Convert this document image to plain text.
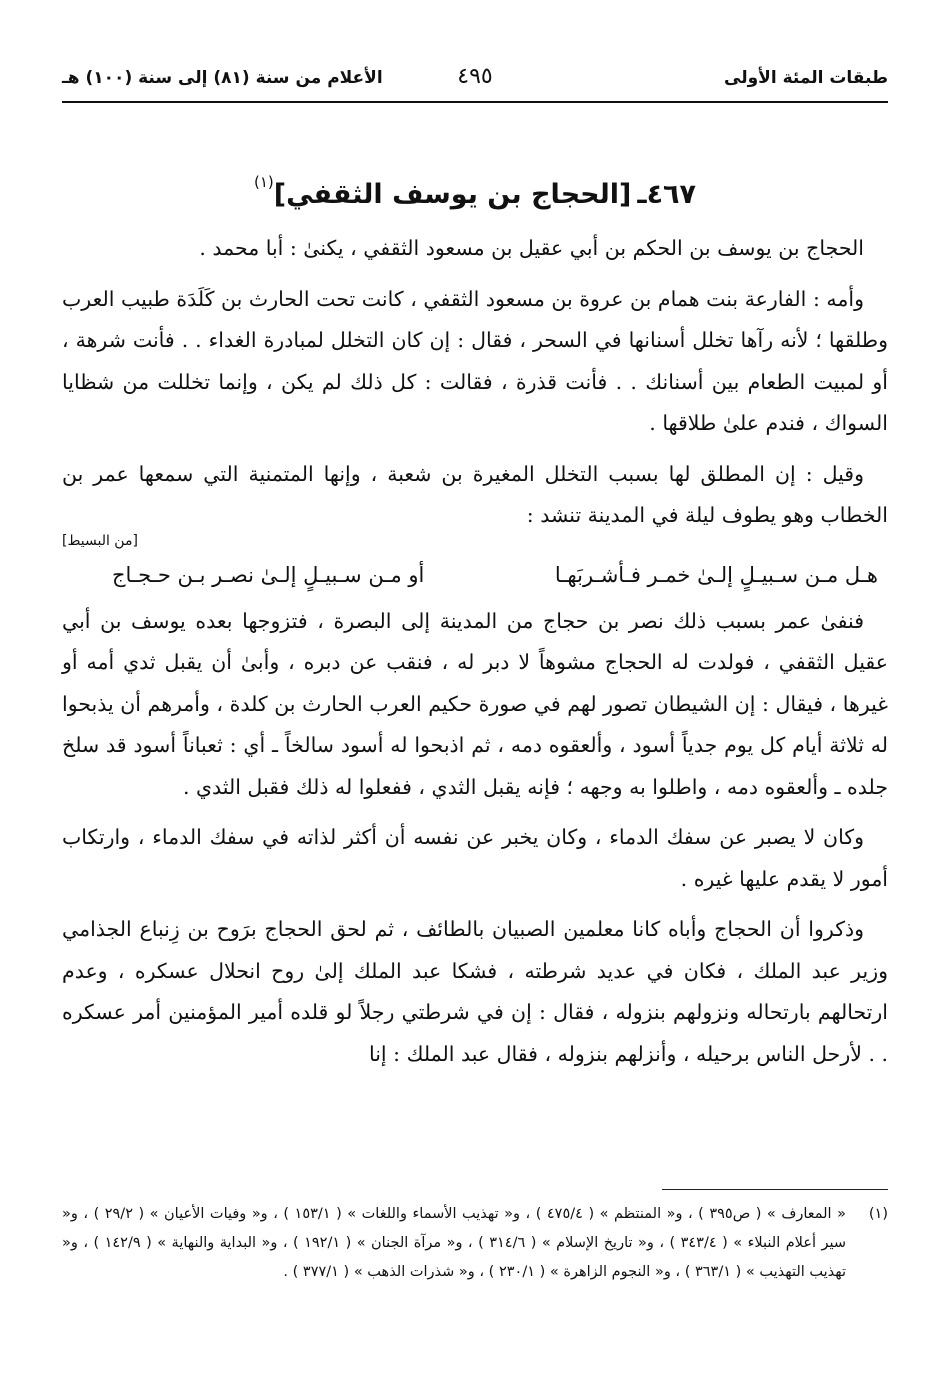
طبقات المئة الأولى
٤٩٥
الأعلام من سنة (٨١) إلى سنة (١٠٠) هـ
٤٦٧ـ[الحجاج بن يوسف الثقفي]$^{(١)}$

الحجاج بن يوسف بن الحكم بن أبي عقيل بن مسعود الثقفي ، يكنىٰ : أبا محمد .

وأمه : الفارعة بنت همام بن عروة بن مسعود الثقفي ، كانت تحت الحارث بن كَلَدَة طبيب العرب وطلقها ؛ لأنه رآها تخلل أسنانها في السحر ، فقال : إن كان التخلل لمبادرة الغداء . . فأنت شرهة ، أو لمبيت الطعام بين أسنانك . . فأنت قذرة ، فقالت : كل ذلك لم يكن ، وإنما تخللت من شظايا السواك ، فندم علىٰ طلاقها .

وقيل : إن المطلق لها بسبب التخلل المغيرة بن شعبة ، وإنها المتمنية التي سمعها عمر بن الخطاب وهو يطوف ليلة في المدينة تنشد :

[من البسيط]
هـل مـن سـبيـلٍ إلـىٰ خمـر فـأشـربَهـا
أو مـن سـبيـلٍ إلـىٰ نصـر بـن حـجـاج

فنفىٰ عمر بسبب ذلك نصر بن حجاج من المدينة إلى البصرة ، فتزوجها بعده يوسف بن أبي عقيل الثقفي ، فولدت له الحجاج مشوهاً لا دبر له ، فنقب عن دبره ، وأبىٰ أن يقبل ثدي أمه أو غيرها ، فيقال : إن الشيطان تصور لهم في صورة حكيم العرب الحارث بن كلدة ، وأمرهم أن يذبحوا له ثلاثة أيام كل يوم جدياً أسود ، وألعقوه دمه ، ثم اذبحوا له أسود سالخاً ـ أي : ثعباناً أسود قد سلخ جلده ـ وألعقوه دمه ، واطلوا به وجهه ؛ فإنه يقبل الثدي ، ففعلوا له ذلك فقبل الثدي .

وكان لا يصبر عن سفك الدماء ، وكان يخبر عن نفسه أن أكثر لذاته في سفك الدماء ، وارتكاب أمور لا يقدم عليها غيره .

وذكروا أن الحجاج وأباه كانا معلمين الصبيان بالطائف ، ثم لحق الحجاج برَوح بن زِنباع الجذامي وزير عبد الملك ، فكان في عديد شرطته ، فشكا عبد الملك إلىٰ روح انحلال عسكره ، وعدم ارتحالهم بارتحاله ونزولهم بنزوله ، فقال : إن في شرطتي رجلاً لو قلده أمير المؤمنين أمر عسكره . . لأرحل الناس برحيله ، وأنزلهم بنزوله ، فقال عبد الملك : إنا

(١)
« المعارف » ( ص٣٩٥ ) ، و« المنتظم » ( ٤٧٥/٤ ) ، و« تهذيب الأسماء واللغات » ( ١٥٣/١ ) ، و« وفيات الأعيان » ( ٢٩/٢ ) ، و« سير أعلام النبلاء » ( ٣٤٣/٤ ) ، و« تاريخ الإسلام » ( ٣١٤/٦ ) ، و« مرآة الجنان » ( ١٩٢/١ ) ، و« البداية والنهاية » ( ١٤٢/٩ ) ، و« تهذيب التهذيب » ( ٣٦٣/١ ) ، و« النجوم الزاهرة » ( ٢٣٠/١ ) ، و« شذرات الذهب » ( ٣٧٧/١ ) .
